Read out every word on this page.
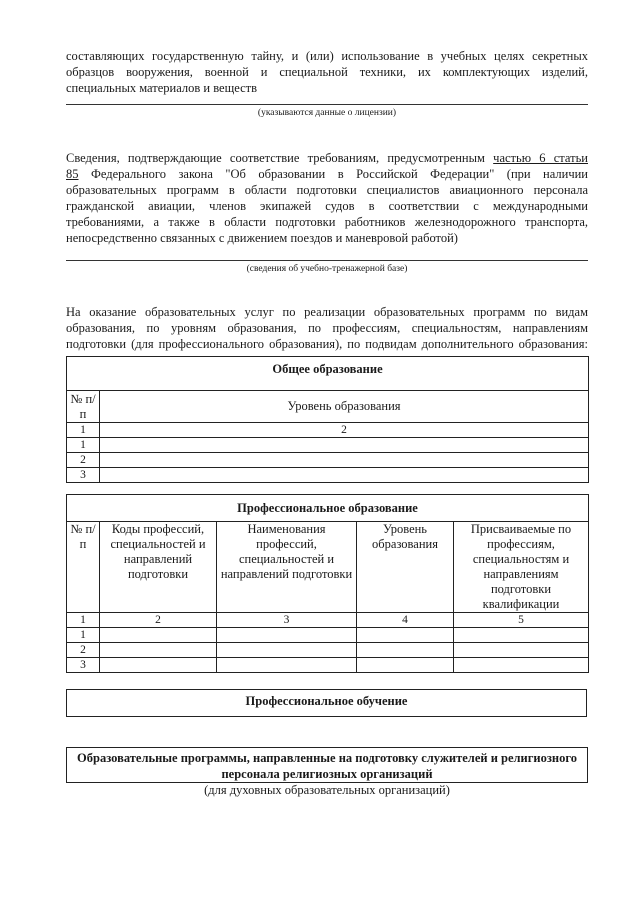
составляющих государственную тайну, и (или) использование в учебных целях секретных
образцов вооружения, военной и специальной техники, их комплектующих изделий,
специальных материалов и веществ
(указываются данные о лицензии)
Сведения, подтверждающие соответствие требованиям, предусмотренным частью 6 статьи
85 Федерального закона "Об образовании в Российской Федерации" (при наличии
образовательных программ в области подготовки специалистов авиационного персонала
гражданской авиации, членов экипажей судов в соответствии с международными
требованиями, а также в области подготовки работников железнодорожного транспорта,
непосредственно связанных с движением поездов и маневровой работой)
(сведения об учебно-тренажерной базе)
На оказание образовательных услуг по реализации образовательных программ по видам
образования, по уровням образования, по профессиям, специальностям, направлениям
подготовки (для профессионального образования), по подвидам дополнительного образования:
Общее образование	
№ п/п	Уровень образования
1	2
1	
2	
3	
Профессиональное образование				
№ п/п	Коды профессий, специальностей и направлений подготовки	Наименования профессий, специальностей и направлений подготовки	Уровень образования	Присваиваемые по профессиям, специальностям и направлениям подготовки квалификации
1	2	3	4	5
1				
2				
3				
Профессиональное обучение
Образовательные программы, направленные на подготовку служителей и религиозного
персонала религиозных организаций
(для духовных образовательных организаций)
